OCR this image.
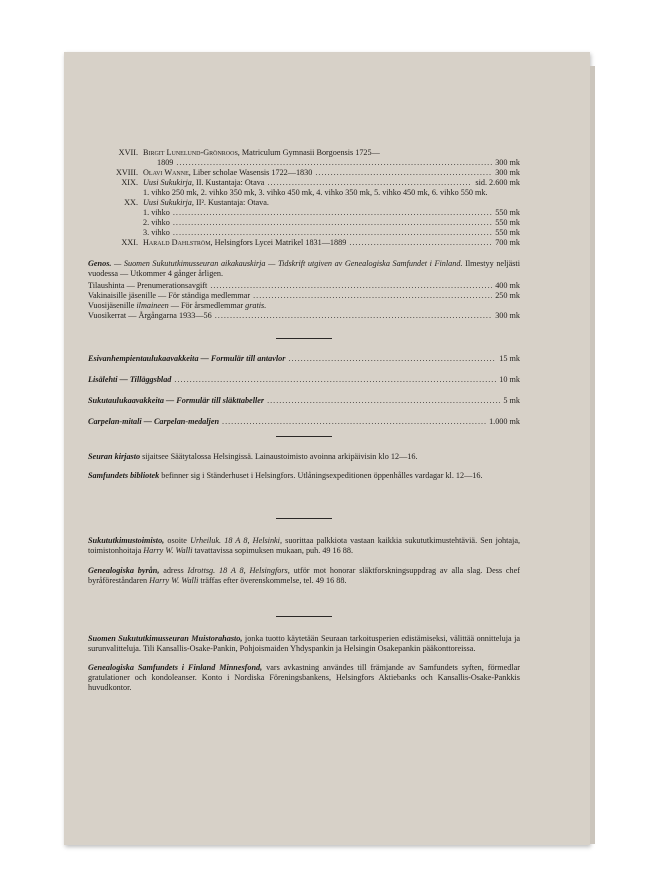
XVII. Birgit Lunelund-Grönroos, Matriculum Gymnasii Borgoensis 1725—
1809 .....	300 mk
XVIII. Olavi Wanne, Liber scholae Wasensis 1722—1830 .....	300 mk
XIX. Uusi Sukukirja, II. Kustantaja: Otava .....	sid. 2.600 mk
1. vihko 250 mk, 2. vihko 350 mk, 3. vihko 450 mk, 4. vihko 350 mk, 5. vihko 450 mk, 6. vihko 550 mk.
XX. Uusi Sukukirja, II². Kustantaja: Otava.
1. vihko .....	550 mk
2. vihko .....	550 mk
3. vihko .....	550 mk
XXI. Harald Dahlström, Helsingfors Lycei Matrikel 1831—1889 .....	700 mk
Genos. — Suomen Sukututkimusseuran aikakauskirja — Tidskrift utgiven av Genealogiska Samfundet i Finland. Ilmestyy neljästi vuodessa — Utkommer 4 gånger årligen.
Tilaushinta — Prenumerationsavgift .....	400 mk
Vakinaisille jäsenille — För ständiga medlemmar .....	250 mk
Vuosijäsenille ilmaineen — För årsmedlemmar gratis.
Vuosikerrat — Årgångarna 1933—56 .....	300 mk
Esivanhempientaulukaavakkeita — Formulär till antavlor .....	15 mk
Lisälehti — Tilläggsblad .....	10 mk
Sukutaulukaavakkeita — Formulär till släkttabeller .....	5 mk
Carpelan-mitali — Carpelan-medaljen .....	1.000 mk
Seuran kirjasto sijaitsee Säätytalossa Helsingissä. Lainaustoimisto avoinna arkipäivisin klo 12—16.
Samfundets bibliotek befinner sig i Ständerhuset i Helsingfors. Utlåningsexpeditionen öppenhålles vardagar kl. 12—16.
Sukututkimustoimisto, osoite Urheiluk. 18 A 8, Helsinki, suorittaa palkkiota vastaan kaikkia sukututkimustehtäviä. Sen johtaja, toimistonhoitaja Harry W. Walli tavattavissa sopimuksen mukaan, puh. 49 16 88.
Genealogiska byrån, adress Idrottsg. 18 A 8, Helsingfors, utför mot honorar släktforskningsuppdrag av alla slag. Dess chef byråföreståndaren Harry W. Walli träffas efter överenskommelse, tel. 49 16 88.
Suomen Sukututkimusseuran Muistorahasto, jonka tuotto käytetään Seuraan tarkoitusperien edistämiseksi, välittää onnitteluja ja surunvalitteluja. Tili Kansallis-Osake-Pankin, Pohjoismaiden Yhdyspankin ja Helsingin Osakepankin pääkonttoreissa.
Genealogiska Samfundets i Finland Minnesfond, vars avkastning användes till främjande av Samfundets syften, förmedlar gratulationer och kondoleanser. Konto i Nordiska Föreningsbankens, Helsingfors Aktiebanks och Kansallis-Osake-Pankkis huvudkontor.
